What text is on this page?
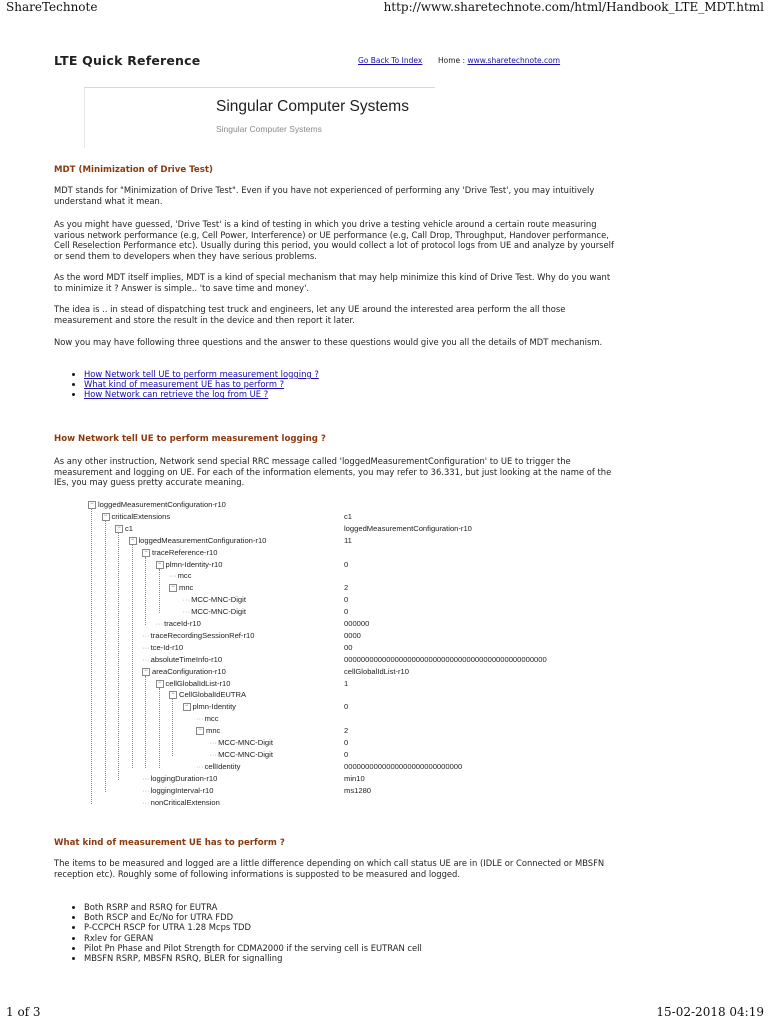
ShareTechnote	http://www.sharetechnote.com/html/Handbook_LTE_MDT.html
LTE Quick Reference	Go Back To Index Home : www.sharetechnote.com
Singular Computer Systems
Singular Computer Systems
MDT (Minimization of Drive Test)

MDT stands for "Minimization of Drive Test". Even if you have not experienced of performing any 'Drive Test', you may intuitively understand what it mean.

As you might have guessed, 'Drive Test' is a kind of testing in which you drive a testing vehicle around a certain route measuring various network performance (e.g, Cell Power, Interference) or UE performance (e.g, Call Drop, Throughput, Handover performance, Cell Reselection Performance etc). Usually during this period, you would collect a lot of protocol logs from UE and analyze by yourself or send them to developers when they have serious problems.

As the word MDT itself implies, MDT is a kind of special mechanism that may help minimize this kind of Drive Test. Why do you want to minimize it ? Answer is simple.. 'to save time and money'.

The idea is .. in stead of dispatching test truck and engineers, let any UE around the interested area perform the all those measurement and store the result in the device and then report it later.

Now you may have following three questions and the answer to these questions would give you all the details of MDT mechanism.

• How Network tell UE to perform measurement logging ?
• What kind of measurement UE has to perform ?
• How Network can retrieve the log from UE ?
How Network tell UE to perform measurement logging ?

As any other instruction, Network send special RRC message called 'loggedMeasurementConfiguration' to UE to trigger the measurement and logging on UE. For each of the information elements, you may refer to 36.331, but just looking at the name of the IEs, you may guess pretty accurate meaning.

− loggedMeasurementConfiguration-r10
− criticalExtensions	c1
− c1	loggedMeasurementConfiguration-r10
− loggedMeasurementConfiguration-r10	11
− traceReference-r10
− plmn-Identity-r10	0
···mcc
− mnc	2
···MCC-MNC-Digit	0
···MCC-MNC-Digit	0
···traceId-r10	000000
···traceRecordingSessionRef-r10	0000
···tce-Id-r10	00
···absoluteTimeInfo-r10	000000000000000000000000000000000000000000000000
− areaConfiguration-r10	cellGlobalIdList-r10
− cellGlobalIdList-r10	1
− CellGlobalIdEUTRA
− plmn-Identity	0
···mcc
− mnc	2
···MCC-MNC-Digit	0
···MCC-MNC-Digit	0
···cellIdentity	0000000000000000000000000000
···loggingDuration-r10	min10
···loggingInterval-r10	ms1280
···nonCriticalExtension
What kind of measurement UE has to perform ?

The items to be measured and logged are a little difference depending on which call status UE are in (IDLE or Connected or MBSFN reception etc). Roughly some of following informations is supposted to be measured and logged.

• Both RSRP and RSRQ for EUTRA
• Both RSCP and Ec/No for UTRA FDD
• P-CCPCH RSCP for UTRA 1.28 Mcps TDD
• Rxlev for GERAN
• Pilot Pn Phase and Pilot Strength for CDMA2000 if the serving cell is EUTRAN cell
• MBSFN RSRP, MBSFN RSRQ, BLER for signalling
1 of 3	15-02-2018 04:19
